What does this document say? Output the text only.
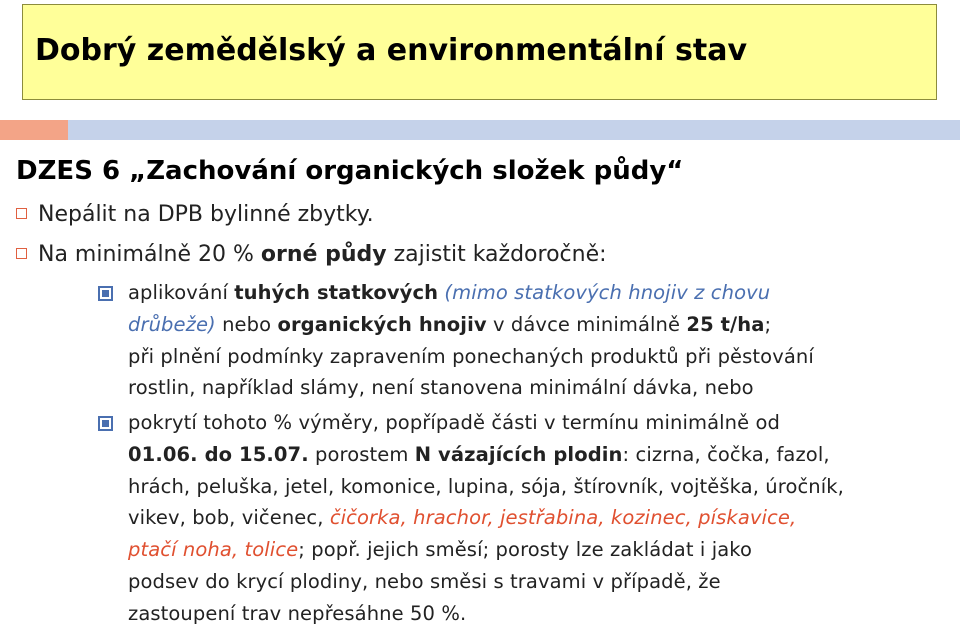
Dobrý zemědělský a environmentální stav
DZES 6 „Zachování organických složek půdy“
Nepálit na DPB bylinné zbytky.
Na minimálně 20 % orné půdy zajistit každoročně:
aplikování tuhých statkových (mimo statkových hnojiv z chovu
drůbeže) nebo organických hnojiv v dávce minimálně 25 t/ha;
při plnění podmínky zapravením ponechaných produktů při pěstování
rostlin, například slámy, není stanovena minimální dávka, nebo
pokrytí tohoto % výměry, popřípadě části v termínu minimálně od
01.06. do 15.07. porostem N vázajících plodin: cizrna, čočka, fazol,
hrách, peluška, jetel, komonice, lupina, sója, štírovník, vojtěška, úročník,
vikev, bob, vičenec, čičorka, hrachor, jestřabina, kozinec, pískavice,
ptačí noha, tolice; popř. jejich směsí; porosty lze zakládat i jako
podsev do krycí plodiny, nebo směsi s travami v případě, že
zastoupení trav nepřesáhne 50 %.
